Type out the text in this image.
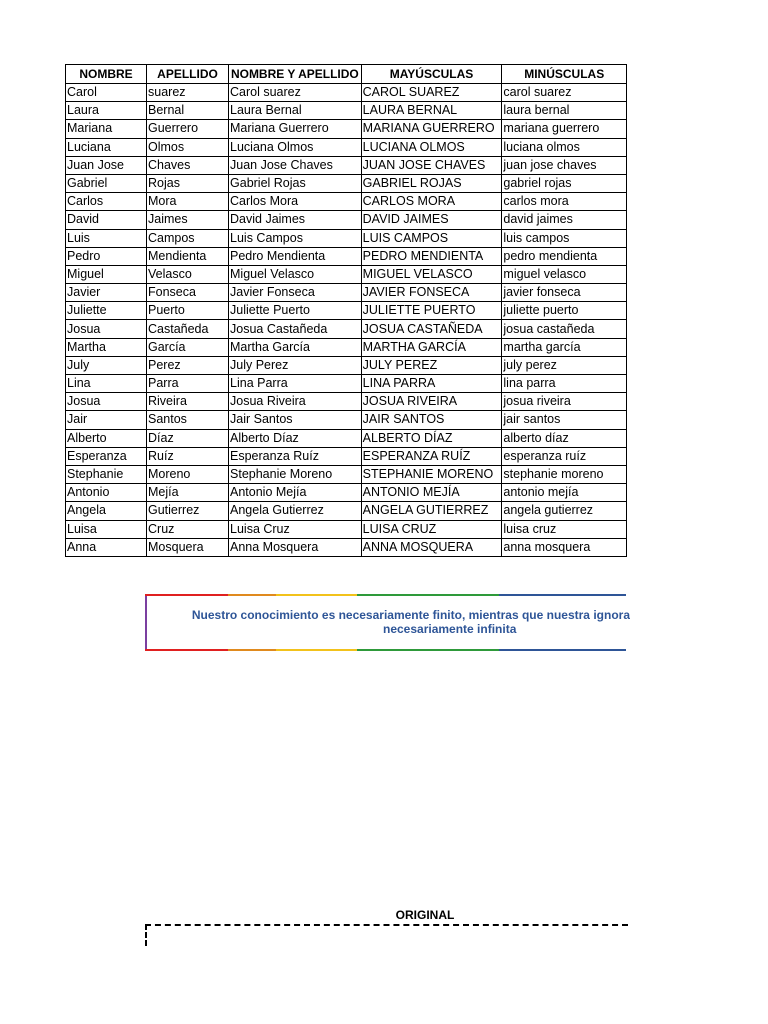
NOMBRE	APELLIDO	NOMBRE Y APELLIDO	MAYÚSCULAS	MINÚSCULAS
Carol	suarez	Carol suarez	CAROL SUAREZ	carol suarez
Laura	Bernal	Laura Bernal	LAURA BERNAL	laura bernal
Mariana	Guerrero	Mariana Guerrero	MARIANA GUERRERO	mariana guerrero
Luciana	Olmos	Luciana Olmos	LUCIANA OLMOS	luciana olmos
Juan Jose	Chaves	Juan Jose Chaves	JUAN JOSE CHAVES	juan jose chaves
Gabriel	Rojas	Gabriel Rojas	GABRIEL ROJAS	gabriel rojas
Carlos	Mora	Carlos Mora	CARLOS MORA	carlos mora
David	Jaimes	David Jaimes	DAVID JAIMES	david jaimes
Luis	Campos	Luis Campos	LUIS CAMPOS	luis campos
Pedro	Mendienta	Pedro Mendienta	PEDRO MENDIENTA	pedro mendienta
Miguel	Velasco	Miguel Velasco	MIGUEL VELASCO	miguel velasco
Javier	Fonseca	Javier Fonseca	JAVIER FONSECA	javier fonseca
Juliette	Puerto	Juliette Puerto	JULIETTE PUERTO	juliette puerto
Josua	Castañeda	Josua Castañeda	JOSUA CASTAÑEDA	josua castañeda
Martha	García	Martha García	MARTHA GARCÍA	martha garcía
July	Perez	July Perez	JULY PEREZ	july perez
Lina	Parra	Lina Parra	LINA PARRA	lina parra
Josua	Riveira	Josua Riveira	JOSUA RIVEIRA	josua riveira
Jair	Santos	Jair Santos	JAIR SANTOS	jair santos
Alberto	Díaz	Alberto Díaz	ALBERTO DÍAZ	alberto díaz
Esperanza	Ruíz	Esperanza Ruíz	ESPERANZA RUÍZ	esperanza ruíz
Stephanie	Moreno	Stephanie Moreno	STEPHANIE MORENO	stephanie moreno
Antonio	Mejía	Antonio Mejía	ANTONIO MEJÍA	antonio mejía
Angela	Gutierrez	Angela Gutierrez	ANGELA GUTIERREZ	angela gutierrez
Luisa	Cruz	Luisa Cruz	LUISA CRUZ	luisa cruz
Anna	Mosquera	Anna Mosquera	ANNA MOSQUERA	anna mosquera
Nuestro conocimiento es necesariamente finito, mientras que nuestra ignora
necesariamente infinita
ORIGINAL
